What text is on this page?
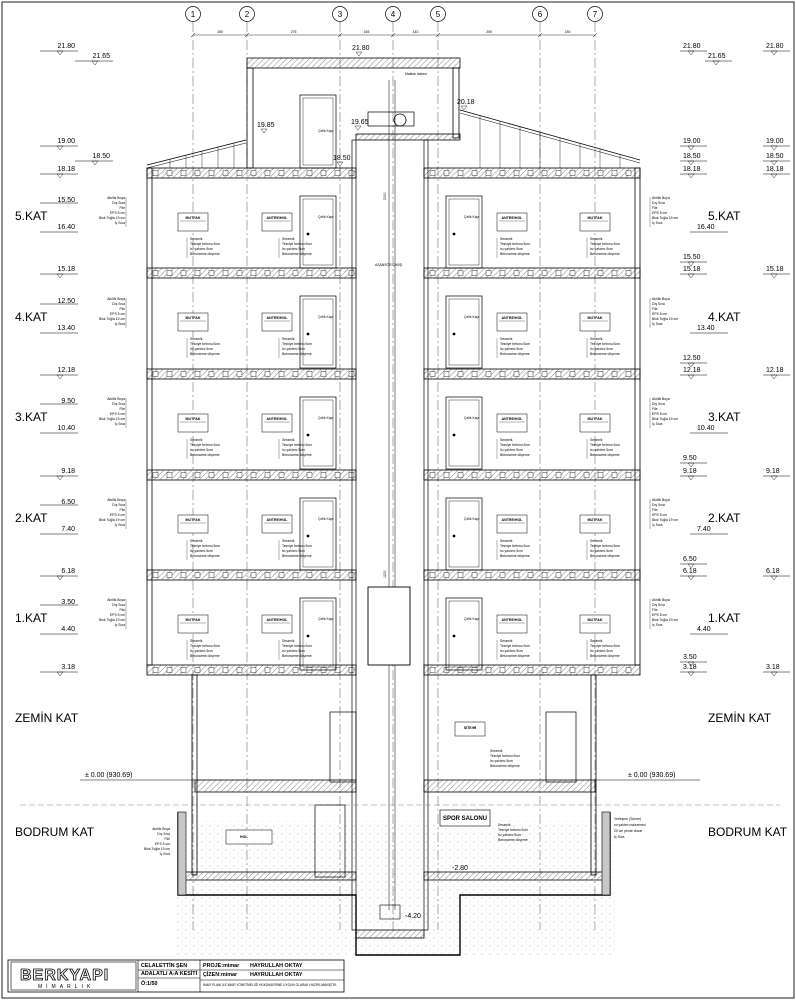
1	2	3	4	5	6	7
150	275	165	140	205	150
2000
1200
ASANSÖR ÇIKIŞI
Makine dairesi
Çelik Kapı
Çelik Kapı	Çelik Kapı
MUTFAK	ANTRE/HOL	ANTRE/HOL	MUTFAK
Seramik
Tesviye betonu 5cm
Isı yalıtımı 5cm
Betonarme döşeme
Seramik
Tesviye betonu 5cm
Isı yalıtımı 5cm
Betonarme döşeme
Seramik
Tesviye betonu 5cm
Isı yalıtımı 5cm
Betonarme döşeme
Seramik
Tesviye betonu 5cm
Isı yalıtımı 5cm
Betonarme döşeme
Çelik Kapı	Çelik Kapı
MUTFAK	ANTRE/HOL	ANTRE/HOL	MUTFAK
Seramik
Tesviye betonu 5cm
Isı yalıtımı 5cm
Betonarme döşeme
Seramik
Tesviye betonu 5cm
Isı yalıtımı 5cm
Betonarme döşeme
Seramik
Tesviye betonu 5cm
Isı yalıtımı 5cm
Betonarme döşeme
Seramik
Tesviye betonu 5cm
Isı yalıtımı 5cm
Betonarme döşeme
Çelik Kapı	Çelik Kapı
MUTFAK	ANTRE/HOL	ANTRE/HOL	MUTFAK
Seramik
Tesviye betonu 5cm
Isı yalıtımı 5cm
Betonarme döşeme
Seramik
Tesviye betonu 5cm
Isı yalıtımı 5cm
Betonarme döşeme
Seramik
Tesviye betonu 5cm
Isı yalıtımı 5cm
Betonarme döşeme
Seramik
Tesviye betonu 5cm
Isı yalıtımı 5cm
Betonarme döşeme
Çelik Kapı	Çelik Kapı
MUTFAK	ANTRE/HOL	ANTRE/HOL	MUTFAK
Seramik
Tesviye betonu 5cm
Isı yalıtımı 5cm
Betonarme döşeme
Seramik
Tesviye betonu 5cm
Isı yalıtımı 5cm
Betonarme döşeme
Seramik
Tesviye betonu 5cm
Isı yalıtımı 5cm
Betonarme döşeme
Seramik
Tesviye betonu 5cm
Isı yalıtımı 5cm
Betonarme döşeme
Çelik Kapı	Çelik Kapı
MUTFAK	ANTRE/HOL	ANTRE/HOL	MUTFAK
Seramik
Tesviye betonu 5cm
Isı yalıtımı 5cm
Betonarme döşeme
Seramik
Tesviye betonu 5cm
Isı yalıtımı 5cm
Betonarme döşeme
Seramik
Tesviye betonu 5cm
Isı yalıtımı 5cm
Betonarme döşeme
Seramik
Tesviye betonu 5cm
Isı yalıtımı 5cm
Betonarme döşeme
SİTE/Hİ
Seramik
Tesviye betonu 5cm
Isı yalıtımı 5cm
Betonarme döşeme
SPOR SALONU
HOL
Seramik
Tesviye betonu 5cm
Isı yalıtımı 5cm
Betonarme döşeme
-2.80
-4.20
21.80
20.18
19.65
19.85
18.50
5.KAT
15.50
16.40
Akrilik Boya
Dış Sıva
File
EPS 5 cm
Blok Tuğla 19 cm
İç Sıva
4.KAT
12.50
13.40
Akrilik Boya
Dış Sıva
File
EPS 5 cm
Blok Tuğla 19 cm
İç Sıva
3.KAT
9.50
10.40
Akrilik Boya
Dış Sıva
File
EPS 5 cm
Blok Tuğla 19 cm
İç Sıva
2.KAT
6.50
7.40
Akrilik Boya
Dış Sıva
File
EPS 5 cm
Blok Tuğla 19 cm
İç Sıva
1.KAT
3.50
4.40
Akrilik Boya
Dış Sıva
File
EPS 5 cm
Blok Tuğla 19 cm
İç Sıva
ZEMİN KAT
BODRUM KAT
21.80
21.65
19.00
18.50
18.18
15.18
12.18
9.18
6.18
3.18
± 0.00 (930.69)
Akrilik Boya
Dış Sıva
File
EPS 5 cm
Blok Tuğla 19 cm
İç Sıva
5.KAT
16.40
Akrilik Boya
Dış Sıva
File
EPS 5 cm
Blok Tuğla 19 cm
İç Sıva
4.KAT
13.40
Akrilik Boya
Dış Sıva
File
EPS 5 cm
Blok Tuğla 19 cm
İç Sıva
3.KAT
10.40
Akrilik Boya
Dış Sıva
File
EPS 5 cm
Blok Tuğla 19 cm
İç Sıva
2.KAT
7.40
Akrilik Boya
Dış Sıva
File
EPS 5 cm
Blok Tuğla 19 cm
İç Sıva
1.KAT
4.40
Akrilik Boya
Dış Sıva
File
EPS 5 cm
Blok Tuğla 19 cm
İç Sıva
ZEMİN KAT
BODRUM KAT
21.80
21.65
21.80
19.00	19.00
18.50	18.50
18.18	18.18
15.50
15.18	15.18
12.50
12.18	12.18
9.50
9.18	9.18
6.50
6.18	6.18
3.50
3.18	3.18
± 0.00 (930.69)
Yerleşme (Sürme)
su yalıtım malzemesi
20 cm perde duvar
İç Sıva
BERKYAPI
MİMARLIK
CELALETTİN ŞEN
ADALATLI A-A KESİTİ
Ö:1/50
PROJE:mimar HAYRULLAH OKTAY
ÇİZEN:mimar HAYRULLAH OKTAY
İMAR PLANI İLE İMAR YÖNETMELİĞİ HÜKÜMLERİNE UYGUN OLARAK HAZIRLANMIŞTIR.
